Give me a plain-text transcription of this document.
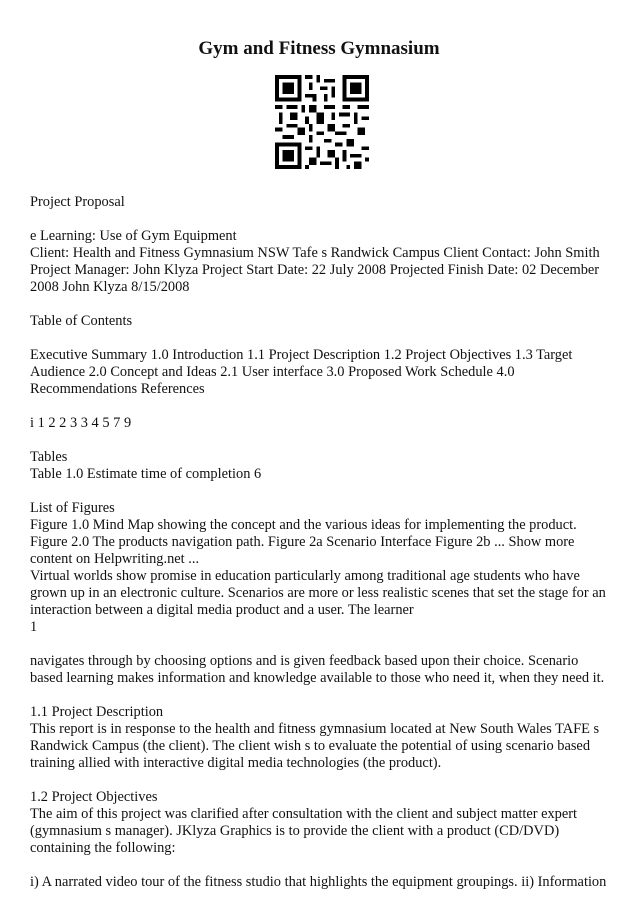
Gym and Fitness Gymnasium

Project Proposal

e Learning: Use of Gym Equipment
Client: Health and Fitness Gymnasium NSW Tafe s Randwick Campus Client Contact: John Smith Project Manager: John Klyza Project Start Date: 22 July 2008 Projected Finish Date: 02 December 2008 John Klyza 8/15/2008

Table of Contents

Executive Summary 1.0 Introduction 1.1 Project Description 1.2 Project Objectives 1.3 Target Audience 2.0 Concept and Ideas 2.1 User interface 3.0 Proposed Work Schedule 4.0 Recommendations References

i 1 2 2 3 3 4 5 7 9

Tables
Table 1.0 Estimate time of completion 6
List of Figures
Figure 1.0 Mind Map showing the concept and the various ideas for implementing the product. Figure 2.0 The products navigation path. Figure 2a Scenario Interface Figure 2b ... Show more content on Helpwriting.net ...
Virtual worlds show promise in education particularly among traditional age students who have grown up in an electronic culture. Scenarios are more or less realistic scenes that set the stage for an interaction between a digital media product and a user. The learner
1

navigates through by choosing options and is given feedback based upon their choice. Scenario based learning makes information and knowledge available to those who need it, when they need it.

1.1 Project Description
This report is in response to the health and fitness gymnasium located at New South Wales TAFE s Randwick Campus (the client). The client wish s to evaluate the potential of using scenario based training allied with interactive digital media technologies (the product).
1.2 Project Objectives
The aim of this project was clarified after consultation with the client and subject matter expert (gymnasium s manager). JKlyza Graphics is to provide the client with a product (CD/DVD) containing the following:

i) A narrated video tour of the fitness studio that highlights the equipment groupings. ii) Information
